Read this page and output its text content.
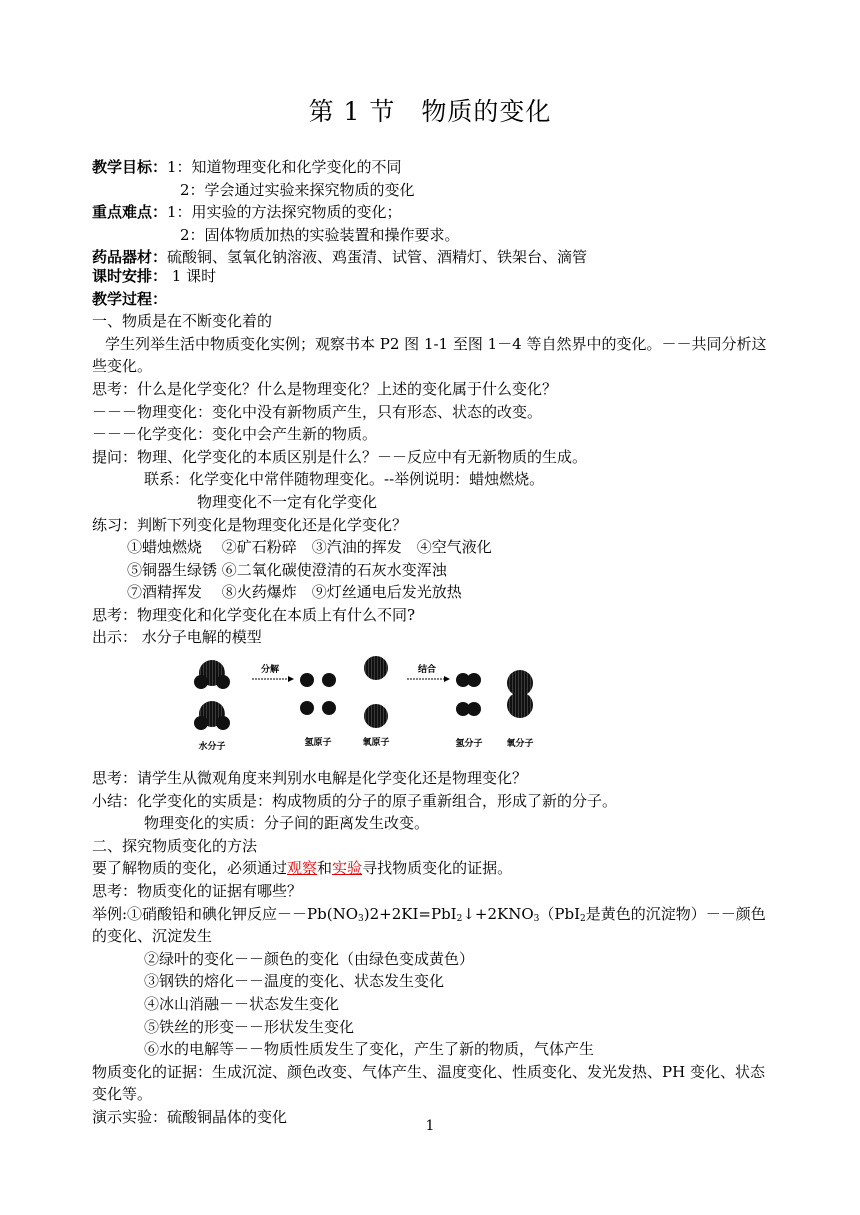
第 1 节　物质的变化
教学目标：1：知道物理变化和化学变化的不同
2：学会通过实验来探究物质的变化
重点难点：1：用实验的方法探究物质的变化；
2：固体物质加热的实验装置和操作要求。
药品器材：硫酸铜、氢氧化钠溶液、鸡蛋清、试管、酒精灯、铁架台、滴管
课时安排： 1 课时
教学过程：
一、物质是在不断变化着的
学生列举生活中物质变化实例；观察书本 P2 图 1-1 至图 1－4 等自然界中的变化。－－共同分析这些变化。
思考：什么是化学变化？什么是物理变化？上述的变化属于什么变化？
－－－物理变化：变化中没有新物质产生，只有形态、状态的改变。
－－－化学变化：变化中会产生新的物质。
提问：物理、化学变化的本质区别是什么？－－反应中有无新物质的生成。
联系：化学变化中常伴随物理变化。--举例说明：蜡烛燃烧。
物理变化不一定有化学变化
练习：判断下列变化是物理变化还是化学变化？
①蜡烛燃烧　 ②矿石粉碎　③汽油的挥发　④空气液化
⑤铜器生绿锈 ⑥二氧化碳使澄清的石灰水变浑浊
⑦酒精挥发　 ⑧火药爆炸　⑨灯丝通电后发光放热
思考：物理变化和化学变化在本质上有什么不同?
出示： 水分子电解的模型
分解	结合
水分子	氢原子	氧原子	氢分子	氧分子
思考：请学生从微观角度来判别水电解是化学变化还是物理变化？
小结：化学变化的实质是：构成物质的分子的原子重新组合，形成了新的分子。
物理变化的实质：分子间的距离发生改变。
二、探究物质变化的方法
要了解物质的变化，必须通过观察和实验寻找物质变化的证据。
思考：物质变化的证据有哪些？
举例:①硝酸铅和碘化钾反应$--Pb(NO_3)2+2KI=PbI_2↓+2KNO_3(PbI_2$是黄色的沉淀物）－－颜色的变化、沉淀发生
②绿叶的变化－－颜色的变化（由绿色变成黄色）
③钢铁的熔化－－温度的变化、状态发生变化
④冰山消融－－状态发生变化
⑤铁丝的形变－－形状发生变化
⑥水的电解等－－物质性质发生了变化，产生了新的物质，气体产生
物质变化的证据：生成沉淀、颜色改变、气体产生、温度变化、性质变化、发光发热、PH 变化、状态变化等。
演示实验：硫酸铜晶体的变化
1
